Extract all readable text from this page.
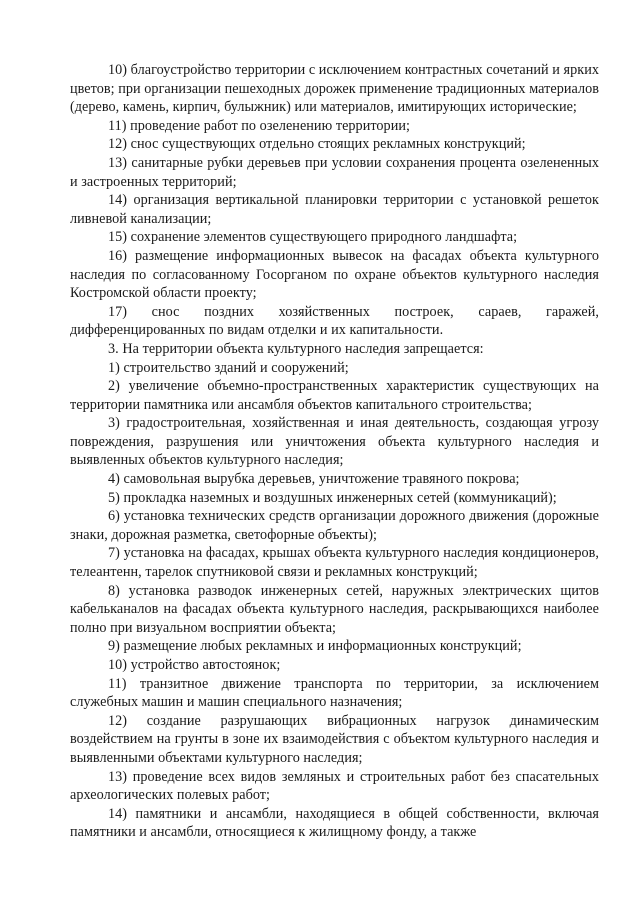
10) благоустройство территории с исключением контрастных сочетаний и ярких цветов; при организации пешеходных дорожек применение традиционных материалов (дерево, камень, кирпич, булыжник) или материалов, имитирующих исторические;

11) проведение работ по озеленению территории;

12) снос существующих отдельно стоящих рекламных конструкций;

13) санитарные рубки деревьев при условии сохранения процента озелененных и застроенных территорий;

14) организация вертикальной планировки территории с установкой решеток ливневой канализации;

15) сохранение элементов существующего природного ландшафта;

16) размещение информационных вывесок на фасадах объекта культурного наследия по согласованному Госорганом по охране объектов культурного наследия Костромской области проекту;

17) снос поздних хозяйственных построек, сараев, гаражей, дифференцированных по видам отделки и их капитальности.

3. На территории объекта культурного наследия запрещается:

1) строительство зданий и сооружений;

2) увеличение объемно-пространственных характеристик существующих на территории памятника или ансамбля объектов капитального строительства;

3) градостроительная, хозяйственная и иная деятельность, создающая угрозу повреждения, разрушения или уничтожения объекта культурного наследия и выявленных объектов культурного наследия;

4) самовольная вырубка деревьев, уничтожение травяного покрова;

5) прокладка наземных и воздушных инженерных сетей (коммуникаций);

6) установка технических средств организации дорожного движения (дорожные знаки, дорожная разметка, светофорные объекты);

7) установка на фасадах, крышах объекта культурного наследия кондиционеров, телеантенн, тарелок спутниковой связи и рекламных конструкций;

8) установка разводок инженерных сетей, наружных электрических щитов кабельканалов на фасадах объекта культурного наследия, раскрывающихся наиболее полно при визуальном восприятии объекта;

9) размещение любых рекламных и информационных конструкций;

10) устройство автостоянок;

11) транзитное движение транспорта по территории, за исключением служебных машин и машин специального назначения;

12) создание разрушающих вибрационных нагрузок динамическим воздействием на грунты в зоне их взаимодействия с объектом культурного наследия и выявленными объектами культурного наследия;

13) проведение всех видов земляных и строительных работ без спасательных археологических полевых работ;

14) памятники и ансамбли, находящиеся в общей собственности, включая памятники и ансамбли, относящиеся к жилищному фонду, а также
